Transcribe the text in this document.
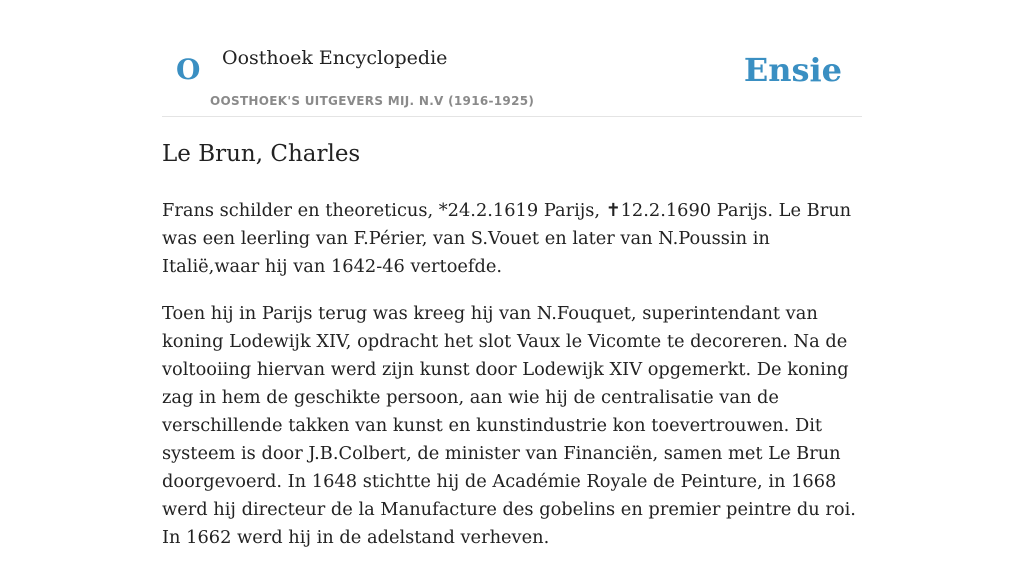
O Oosthoek Encyclopedie
OOSTHOEK'S UITGEVERS MIJ. N.V (1916-1925)
Ensie
Le Brun, Charles

Frans schilder en theoreticus, *24.2.1619 Parijs, ✝12.2.1690 Parijs. Le Brun was een leerling van F.Périer, van S.Vouet en later van N.Poussin in Italië,waar hij van 1642-46 vertoefde.

Toen hij in Parijs terug was kreeg hij van N.Fouquet, superintendant van koning Lodewijk XIV, opdracht het slot Vaux le Vicomte te decoreren. Na de voltooiing hiervan werd zijn kunst door Lodewijk XIV opgemerkt. De koning zag in hem de geschikte persoon, aan wie hij de centralisatie van de verschillende takken van kunst en kunstindustrie kon toevertrouwen. Dit systeem is door J.B.Colbert, de minister van Financiën, samen met Le Brun doorgevoerd. In 1648 stichtte hij de Académie Royale de Peinture, in 1668 werd hij directeur de la Manufacture des gobelins en premier peintre du roi. In 1662 werd hij in de adelstand verheven.
